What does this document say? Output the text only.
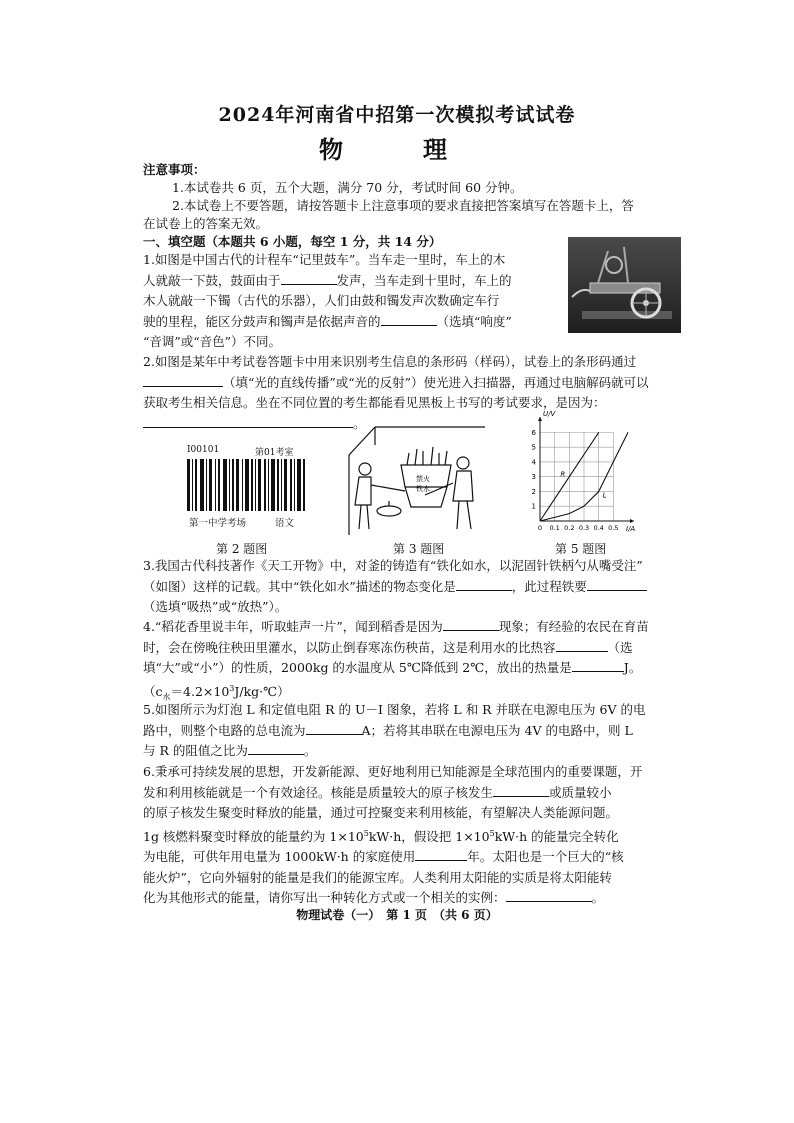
2024年河南省中招第一次模拟考试试卷
物　理
注意事项：
1.本试卷共 6 页，五个大题，满分 70 分，考试时间 60 分钟。
2.本试卷上不要答题，请按答题卡上注意事项的要求直接把答案填写在答题卡上，答
在试卷上的答案无效。
一、填空题（本题共 6 小题，每空 1 分，共 14 分）
1.如图是中国古代的计程车“记里鼓车”。当车走一里时，车上的木
人就敲一下鼓，鼓面由于	发声，当车走到十里时，车上的
木人就敲一下镯（古代的乐器），人们由鼓和镯发声次数确定车行
驶的里程，能区分鼓声和镯声是依据声音的	（选填“响度”
“音调”或“音色”）不同。
2.如图是某年中考试卷答题卡中用来识别考生信息的条形码（样码），试卷上的条形码通过
（填“光的直线传播”或“光的反射”）使光进入扫描器，再通过电脑解码就可以
获取考生相关信息。坐在不同位置的考生都能看见黑板上书写的考试要求，是因为：
。
I00101	第01考室
第一中学考场	语文
第 2 题图
禁火
铁水
第 3 题图
R
L
1
2
3
4
5
6
0 0.1 0.2 0.3 0.4 0.5
U/V
I/A
第 5 题图
3.我国古代科技著作《天工开物》中，对釜的铸造有“铁化如水，以泥固针铁柄勺从嘴受注”
（如图）这样的记载。其中“铁化如水”描述的物态变化是	，此过程铁要
（选填“吸热”或“放热”）。
4.“稻花香里说丰年，听取蛙声一片”，闻到稻香是因为	现象；有经验的农民在育苗
时，会在傍晚往秧田里灌水，以防止倒春寒冻伤秧苗，这是利用水的比热容	（选
填“大”或“小”）的性质，2000kg 的水温度从 5℃降低到 2℃，放出的热量是	J。
$(c_水=4.2\times 10^3J/kg\cdot℃)$
5.如图所示为灯泡 L 和定值电阻 R 的 U－I 图象，若将 L 和 R 并联在电源电压为 6V 的电
路中，则整个电路的总电流为	A；若将其串联在电源电压为 4V 的电路中，则 L
与 R 的阻值之比为	。
6.秉承可持续发展的思想，开发新能源、更好地利用已知能源是全球范围内的重要课题，开
发和利用核能就是一个有效途径。核能是质量较大的原子核发生	或质量较小
的原子核发生聚变时释放的能量，通过可控聚变来利用核能，有望解决人类能源问题。
1g 核燃料聚变时释放的能量约为 $1\times 10^5kW\cdot h$，假设把 $1\times 10^5kW\cdot h$ 的能量完全转化
为电能，可供年用电量为 1000kW·h 的家庭使用	年。太阳也是一个巨大的“核
能火炉”，它向外辐射的能量是我们的能源宝库。人类利用太阳能的实质是将太阳能转
化为其他形式的能量，请你写出一种转化方式或一个相关的实例：	。
物理试卷（一）　第 1 页　（共 6 页）
